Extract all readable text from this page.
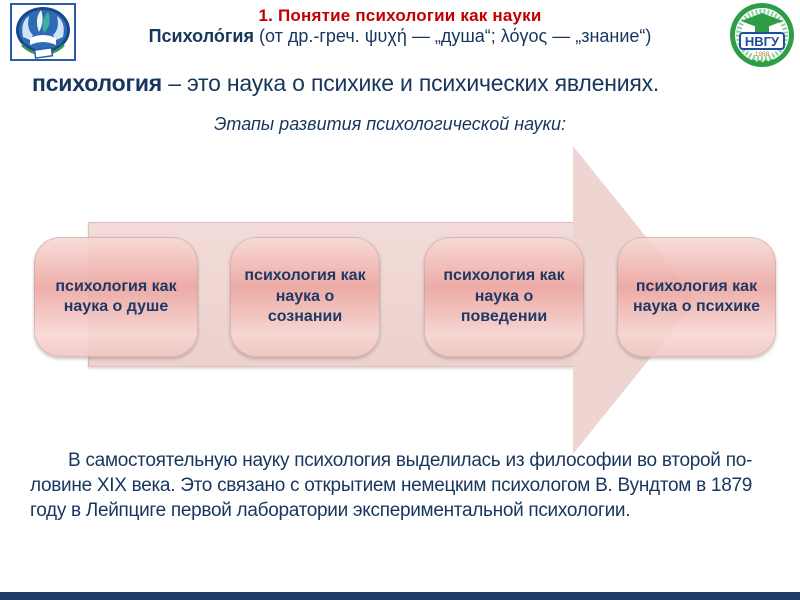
1. Понятие психологии как науки
Психоло́гия (от др.-греч. ψυχή — „душа“; λόγος — „знание“)	НВГУ
1988
психология – это наука о психике и психических явлениях.
Этапы развития психологической науки:
психология как наука о душе
психология как наука о сознании
психология как наука о поведении
психология как наука о психике
В самостоятельную науку психология выделилась из философии во второй по-ловине XIX века. Это связано с открытием немецким психологом В. Вундтом в 1879 году в Лейпциге первой лаборатории экспериментальной психологии.
